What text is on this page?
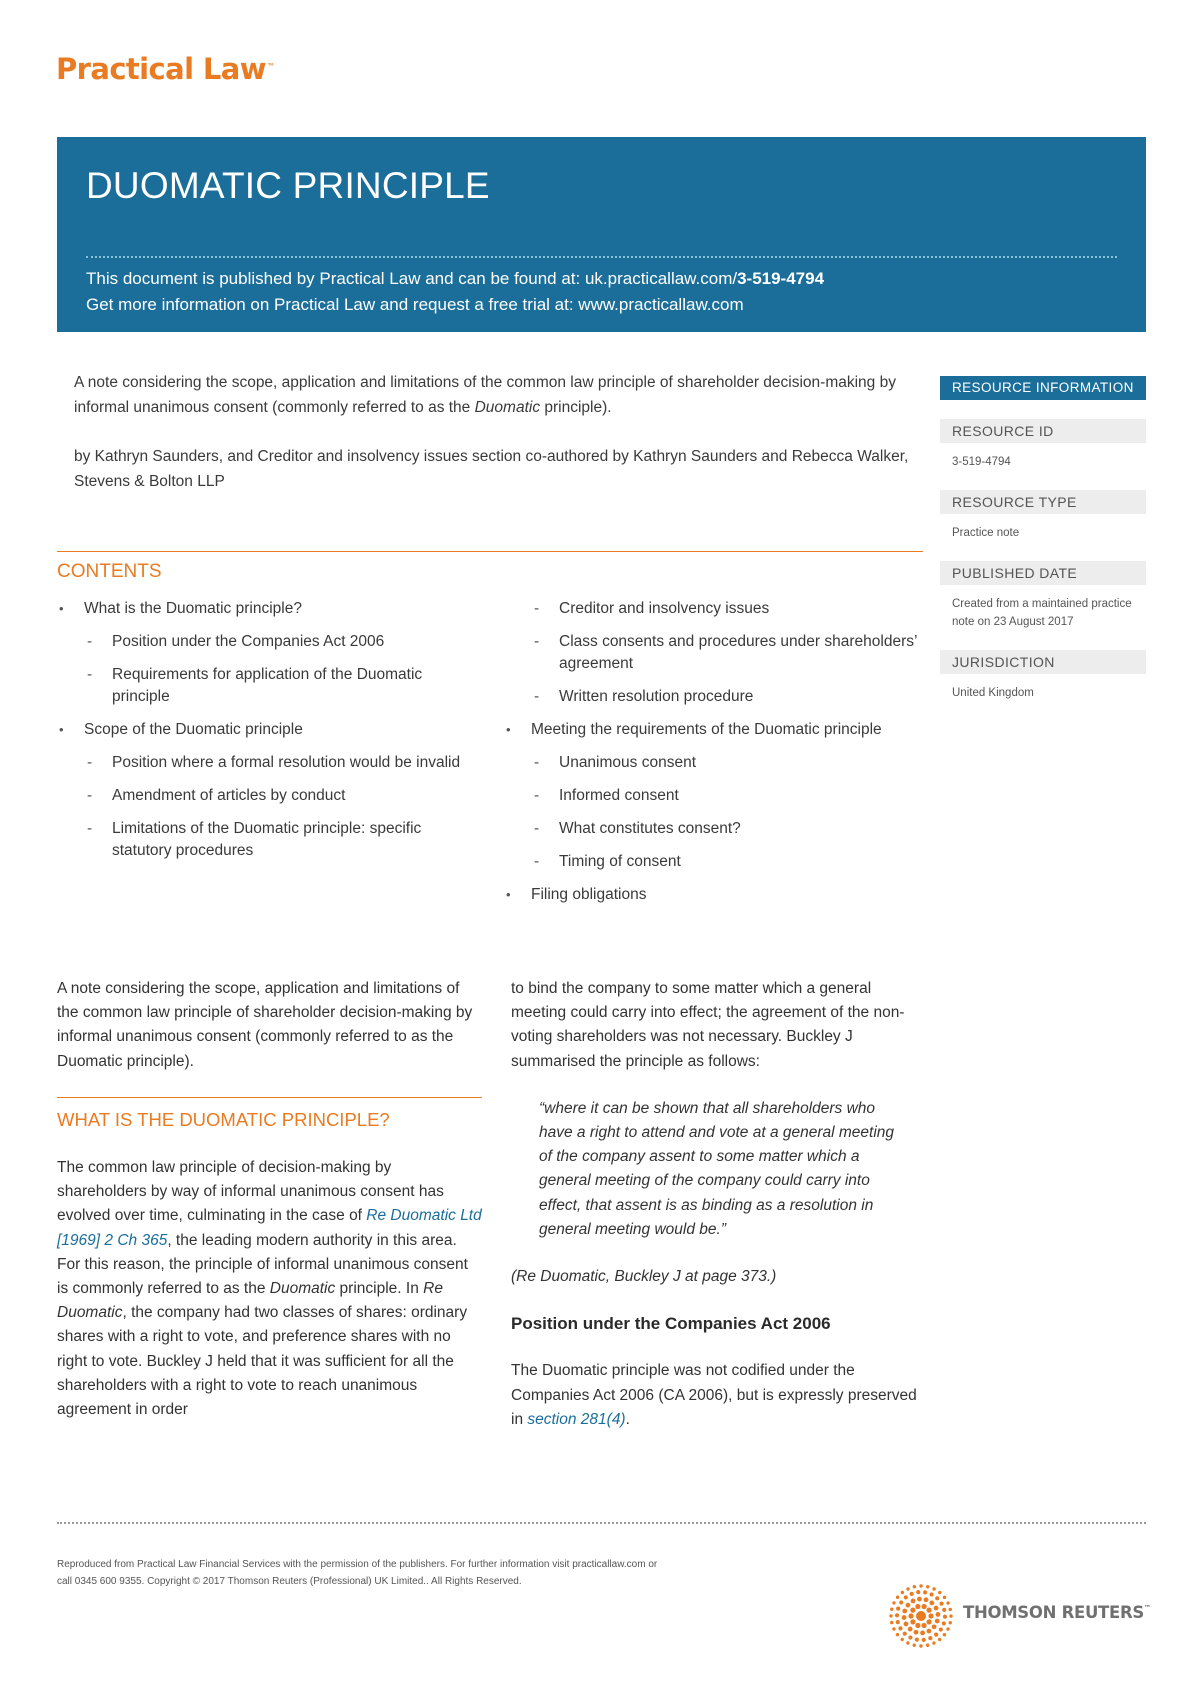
Practical Law™
DUOMATIC PRINCIPLE
This document is published by Practical Law and can be found at: uk.practicallaw.com/3-519-4794
Get more information on Practical Law and request a free trial at: www.practicallaw.com

A note considering the scope, application and limitations of the common law principle of shareholder decision-making by informal unanimous consent (commonly referred to as the Duomatic principle).

by Kathryn Saunders, and Creditor and insolvency issues section co-authored by Kathryn Saunders and Rebecca Walker, Stevens & Bolton LLP

RESOURCE INFORMATION
RESOURCE ID
3-519-4794
RESOURCE TYPE
Practice note
PUBLISHED DATE
Created from a maintained practice note on 23 August 2017
JURISDICTION
United Kingdom
CONTENTS
• What is the Duomatic principle?
- Position under the Companies Act 2006
- Requirements for application of the Duomatic principle
• Scope of the Duomatic principle
- Position where a formal resolution would be invalid
- Amendment of articles by conduct
- Limitations of the Duomatic principle: specific statutory procedures
- Creditor and insolvency issues
- Class consents and procedures under shareholders’ agreement
- Written resolution procedure
• Meeting the requirements of the Duomatic principle
- Unanimous consent
- Informed consent
- What constitutes consent?
- Timing of consent
• Filing obligations

A note considering the scope, application and limitations of the common law principle of shareholder decision-making by informal unanimous consent (commonly referred to as the Duomatic principle).

WHAT IS THE DUOMATIC PRINCIPLE?

The common law principle of decision-making by shareholders by way of informal unanimous consent has evolved over time, culminating in the case of Re Duomatic Ltd [1969] 2 Ch 365, the leading modern authority in this area. For this reason, the principle of informal unanimous consent is commonly referred to as the Duomatic principle. In Re Duomatic, the company had two classes of shares: ordinary shares with a right to vote, and preference shares with no right to vote. Buckley J held that it was sufficient for all the shareholders with a right to vote to reach unanimous agreement in order

to bind the company to some matter which a general meeting could carry into effect; the agreement of the non-voting shareholders was not necessary. Buckley J summarised the principle as follows:

“where it can be shown that all shareholders who have a right to attend and vote at a general meeting of the company assent to some matter which a general meeting of the company could carry into effect, that assent is as binding as a resolution in general meeting would be.”

(Re Duomatic, Buckley J at page 373.)

Position under the Companies Act 2006

The Duomatic principle was not codified under the Companies Act 2006 (CA 2006), but is expressly preserved in section 281(4).

Reproduced from Practical Law Financial Services with the permission of the publishers. For further information visit practicallaw.com or
call 0345 600 9355. Copyright © 2017 Thomson Reuters (Professional) UK Limited.. All Rights Reserved.
THOMSON REUTERS™
